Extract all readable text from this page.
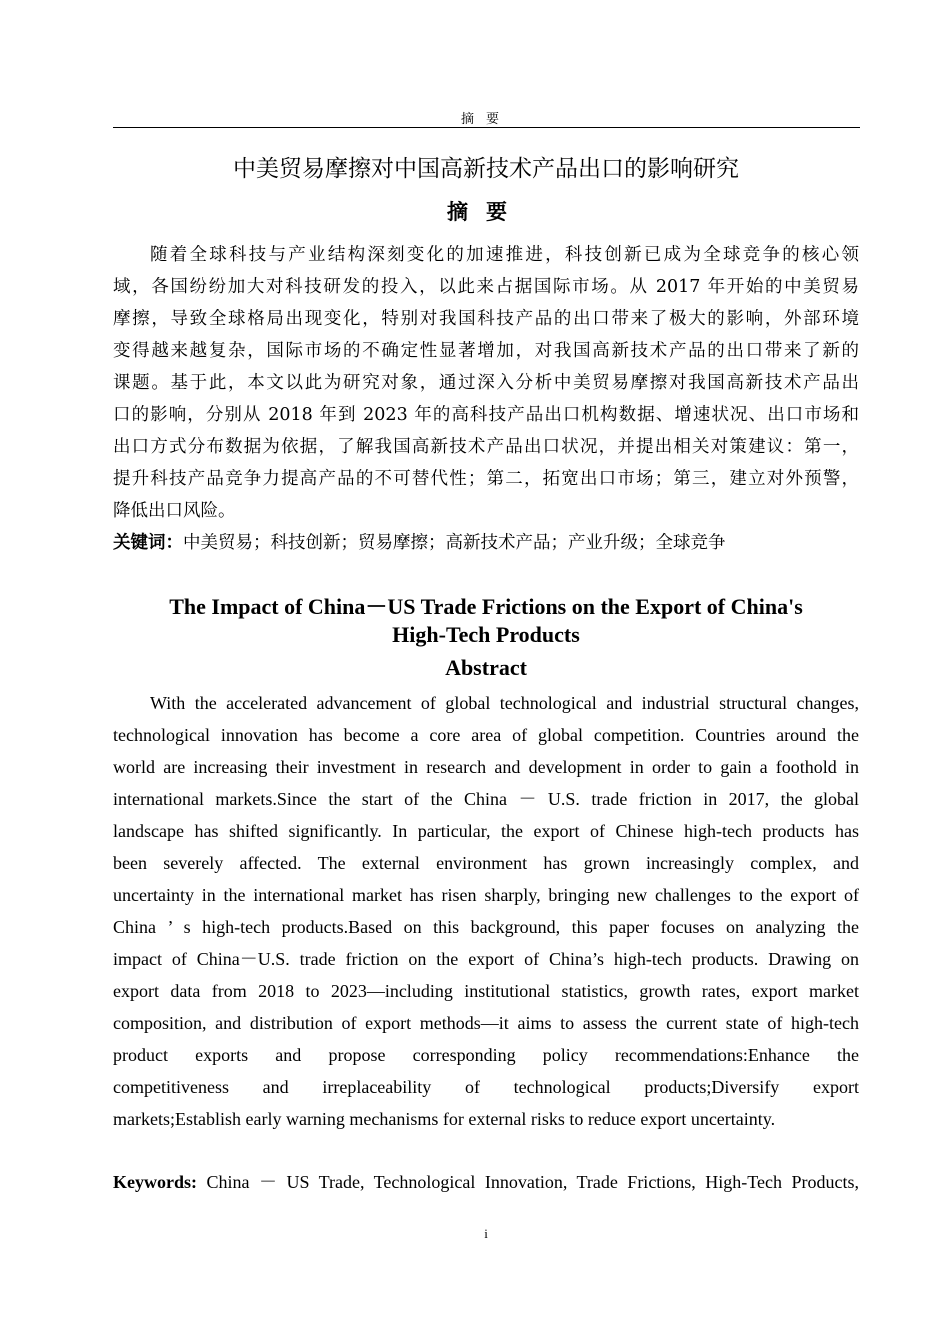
摘要
中美贸易摩擦对中国高新技术产品出口的影响研究
摘要
随着全球科技与产业结构深刻变化的加速推进，科技创新已成为全球竞争的核心领
域，各国纷纷加大对科技研发的投入，以此来占据国际市场。从 2017 年开始的中美贸易
摩擦，导致全球格局出现变化，特别对我国科技产品的出口带来了极大的影响，外部环境
变得越来越复杂，国际市场的不确定性显著增加，对我国高新技术产品的出口带来了新的
课题。基于此，本文以此为研究对象，通过深入分析中美贸易摩擦对我国高新技术产品出
口的影响，分别从 2018 年到 2023 年的高科技产品出口机构数据、增速状况、出口市场和
出口方式分布数据为依据，了解我国高新技术产品出口状况，并提出相关对策建议：第一，
提升科技产品竞争力提高产品的不可替代性；第二，拓宽出口市场；第三，建立对外预警，
降低出口风险。
关键词：中美贸易；科技创新；贸易摩擦；高新技术产品；产业升级；全球竞争
The Impact of China－US Trade Frictions on the Export of China's
High-Tech Products
Abstract
With the accelerated advancement of global technological and industrial structural changes,
technological innovation has become a core area of global competition. Countries around the
world are increasing their investment in research and development in order to gain a foothold in
international markets.Since the start of the China － U.S. trade friction in 2017, the global
landscape has shifted significantly. In particular, the export of Chinese high-tech products has
been severely affected. The external environment has grown increasingly complex, and
uncertainty in the international market has risen sharply, bringing new challenges to the export of
China ’ s high-tech products.Based on this background, this paper focuses on analyzing the
impact of China－U.S. trade friction on the export of China’s high-tech products. Drawing on
export data from 2018 to 2023—including institutional statistics, growth rates, export market
composition, and distribution of export methods—it aims to assess the current state of high-tech
product exports and propose corresponding policy recommendations:Enhance the
competitiveness and irreplaceability of technological products;Diversify export
markets;Establish early warning mechanisms for external risks to reduce export uncertainty.
Keywords: China － US Trade, Technological Innovation, Trade Frictions, High-Tech Products,
i
